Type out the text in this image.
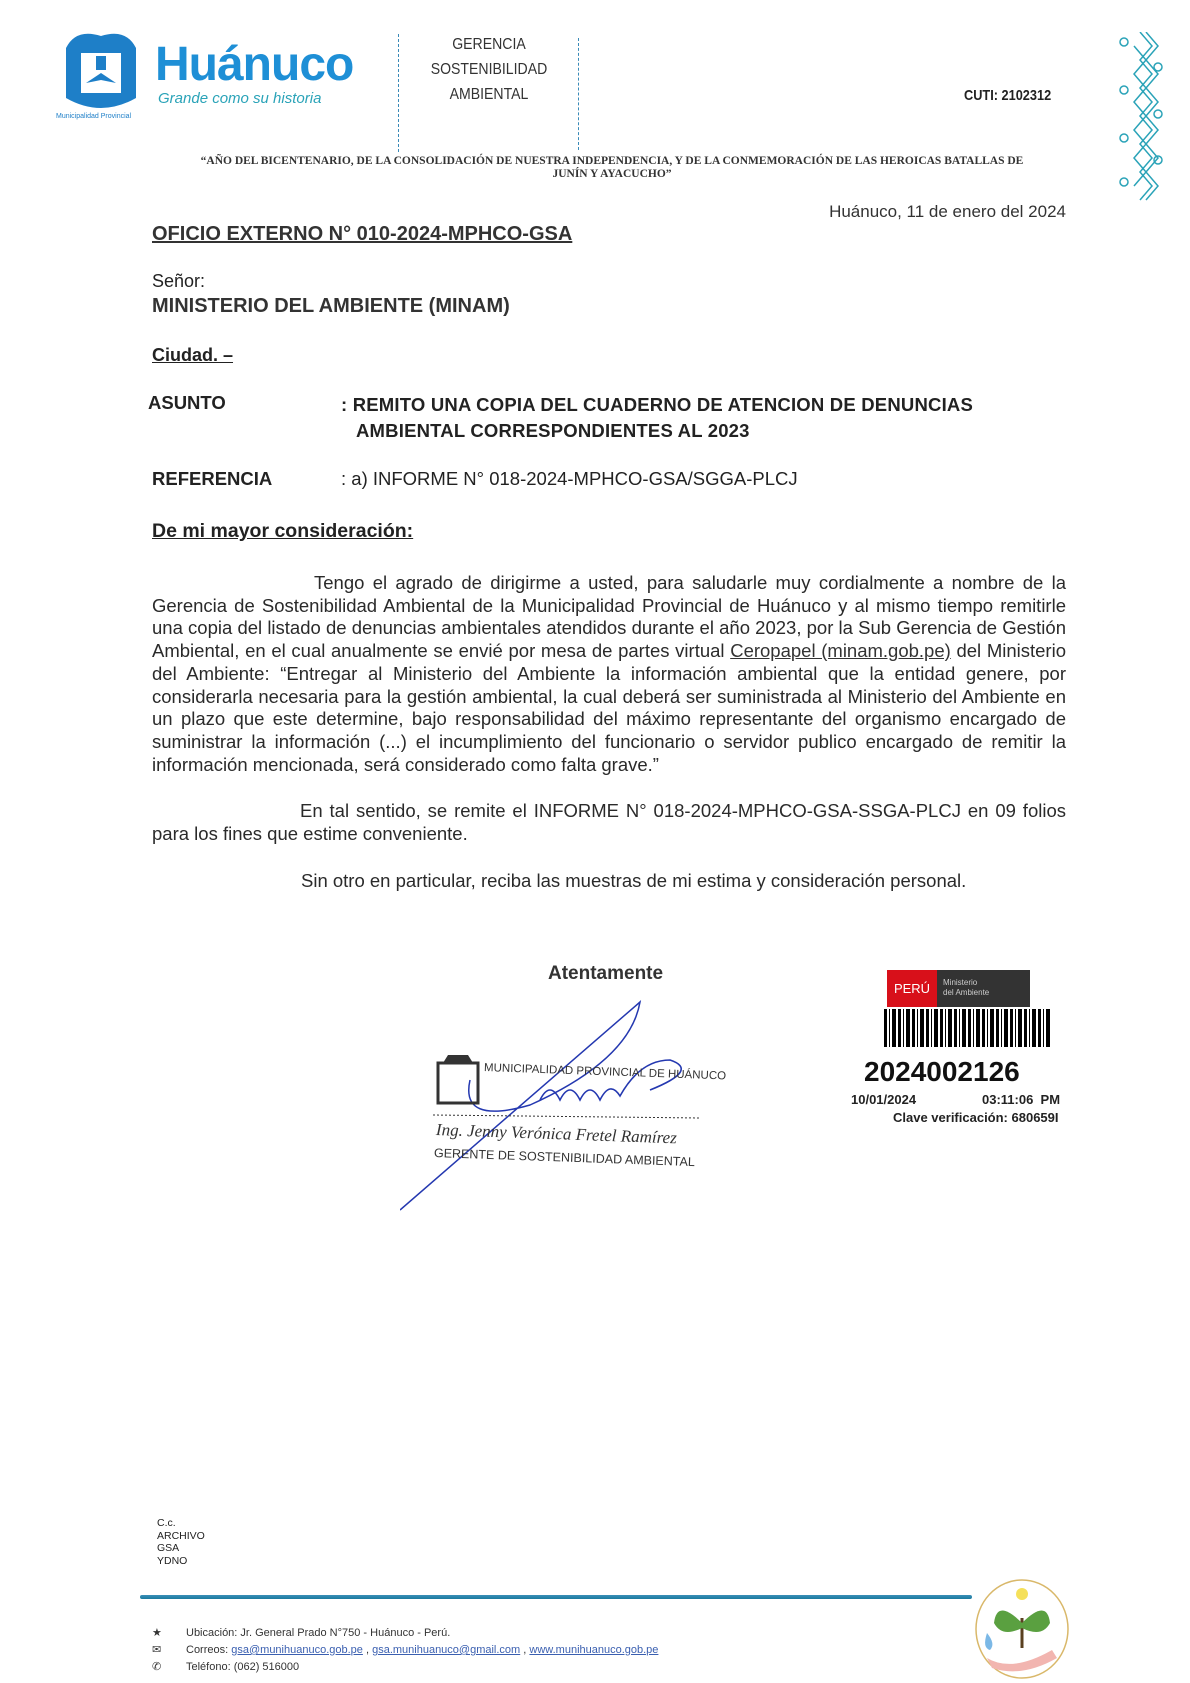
Municipalidad Provincial
Huánuco
Grande como su historia
GERENCIA
SOSTENIBILIDAD
AMBIENTAL	CUTI: 2102312
“AÑO DEL BICENTENARIO, DE LA CONSOLIDACIÓN DE NUESTRA INDEPENDENCIA, Y DE LA CONMEMORACIÓN DE LAS HEROICAS BATALLAS DE
JUNÍN Y AYACUCHO”
Huánuco, 11 de enero del 2024
OFICIO EXTERNO N° 010-2024-MPHCO-GSA
Señor:
MINISTERIO DEL AMBIENTE (MINAM)
Ciudad. –
ASUNTO	: REMITO UNA COPIA DEL CUADERNO DE ATENCION DE DENUNCIAS
AMBIENTAL CORRESPONDIENTES AL 2023
REFERENCIA	: a) INFORME N° 018-2024-MPHCO-GSA/SGGA-PLCJ
De mi mayor consideración:

Tengo el agrado de dirigirme a usted, para saludarle muy cordialmente a nombre de la Gerencia de Sostenibilidad Ambiental de la Municipalidad Provincial de Huánuco y al mismo tiempo remitirle una copia del listado de denuncias ambientales atendidos durante el año 2023, por la Sub Gerencia de Gestión Ambiental, en el cual anualmente se envié por mesa de partes virtual Ceropapel (minam.gob.pe) del Ministerio del Ambiente: “Entregar al Ministerio del Ambiente la información ambiental que la entidad genere, por considerarla necesaria para la gestión ambiental, la cual deberá ser suministrada al Ministerio del Ambiente en un plazo que este determine, bajo responsabilidad del máximo representante del organismo encargado de suministrar la información (...) el incumplimiento del funcionario o servidor publico encargado de remitir la información mencionada, será considerado como falta grave.”

En tal sentido, se remite el INFORME N° 018-2024-MPHCO-GSA-SSGA-PLCJ en 09 folios para los fines que estime conveniente.

Sin otro en particular, reciba las muestras de mi estima y consideración personal.

Atentamente
MUNICIPALIDAD PROVINCIAL DE HUÁNUCO
Ing. Jenny Verónica Fretel Ramírez
GERENTE DE SOSTENIBILIDAD AMBIENTAL
PERÚ	Ministerio
del Ambiente
2024002126
10/01/2024	03:11:06  PM
Clave verificación: 680659I
C.c.
ARCHIVO
GSA
YDNO
★ Ubicación: Jr. General Prado N°750 - Huánuco - Perú.
✉ Correos: gsa@munihuanuco.gob.pe , gsa.munihuanuco@gmail.com , www.munihuanuco.gob.pe
✆ Teléfono: (062) 516000
